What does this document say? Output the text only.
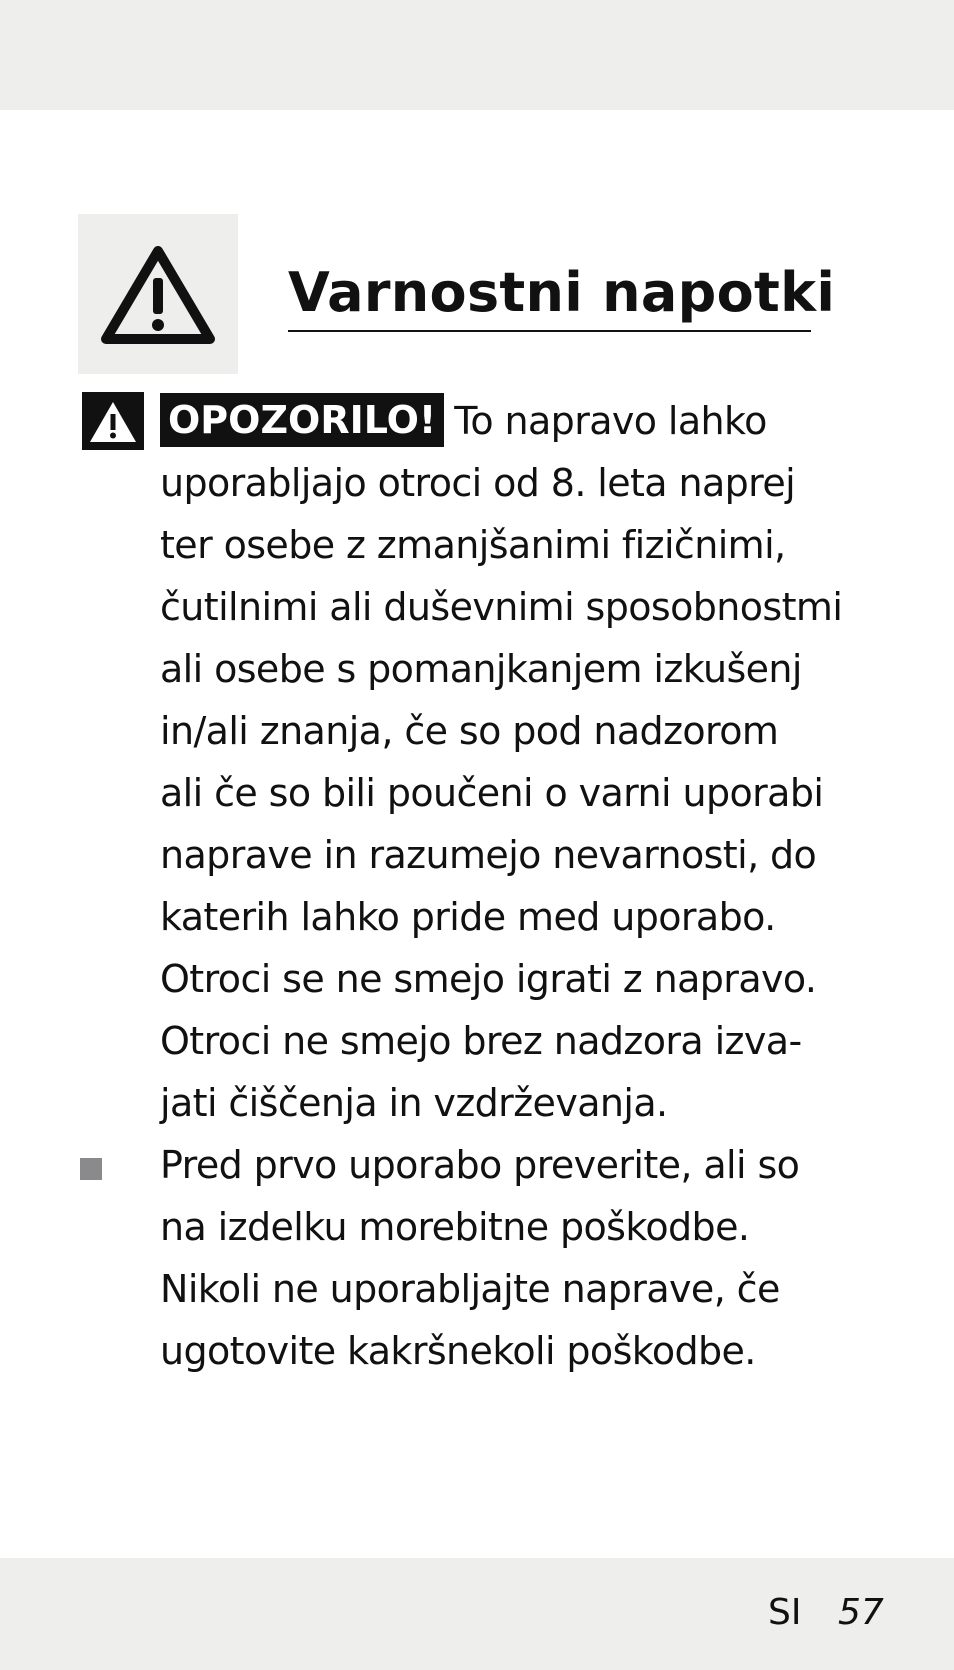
Varnostni napotki
OPOZORILO! To napravo lahko
uporabljajo otroci od 8. leta naprej
ter osebe z zmanjšanimi fizičnimi,
čutilnimi ali duševnimi sposobnostmi
ali osebe s pomanjkanjem izkušenj
in/ali znanja, če so pod nadzorom
ali če so bili poučeni o varni uporabi
naprave in razumejo nevarnosti, do
katerih lahko pride med uporabo.
Otroci se ne smejo igrati z napravo.
Otroci ne smejo brez nadzora izva-
jati čiščenja in vzdrževanja.
Pred prvo uporabo preverite, ali so
na izdelku morebitne poškodbe.
Nikoli ne uporabljajte naprave, če
ugotovite kakršnekoli poškodbe.
SI 57
